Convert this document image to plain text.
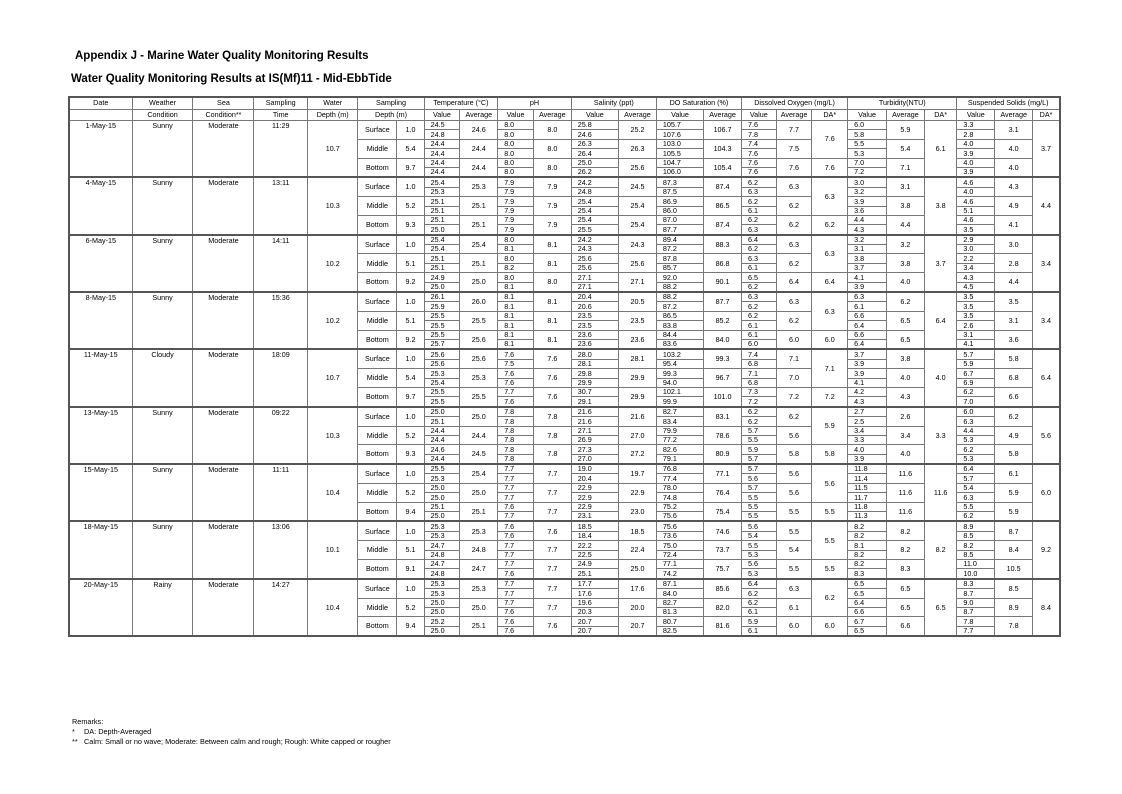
Appendix J - Marine Water Quality Monitoring Results
Water Quality Monitoring Results at IS(Mf)11 - Mid-EbbTide
Date	Weather	Sea	Sampling	Water	Sampling		Temperature (°C)		pH		Salinity (ppt)		DO Saturation (%)		Dissolved Oxygen (mg/L)			Turbidity(NTU)			Suspended Solids (mg/L)		
	Condition	Condition**	Time	Depth (m)	Depth (m)																		
							Value	Average	Value	Average	Value	Average	Value	Average	Value	Average	DA*	Value	Average	DA*	Value	Average	DA*
1-May-15	Sunny	Moderate	11:29	10.7	Surface	1.0	24.5	24.6	8.0	8.0	25.8	25.2	105.7	106.7	7.6	7.7	7.6	6.0	5.9	6.1	3.3	3.1	3.7
							24.8		8.0		24.6		107.6		7.8			5.8			2.8		
					Middle	5.4	24.4	24.4	8.0	8.0	26.3	26.3	103.0	104.3	7.4	7.5		5.5	5.4		4.0	4.0	
							24.4		8.0		26.4		105.5		7.6			5.3			3.9		
					Bottom	9.7	24.4	24.4	8.0	8.0	25.0	25.6	104.7	105.4	7.6	7.6	7.6	7.0	7.1		4.0	4.0	
							24.4		8.0		26.2		106.0		7.6			7.2			3.9		
4-May-15	Sunny	Moderate	13:11	10.3	Surface	1.0	25.4	25.3	7.9	7.9	24.2	24.5	87.3	87.4	6.2	6.3	6.3	3.0	3.1	3.8	4.6	4.3	4.4
							25.3		7.9		24.8		87.5		6.3			3.2			4.0		
					Middle	5.2	25.1	25.1	7.9	7.9	25.4	25.4	86.9	86.5	6.2	6.2		3.9	3.8		4.6	4.9	
							25.1		7.9		25.4		86.0		6.1			3.6			5.1		
					Bottom	9.3	25.1	25.1	7.9	7.9	25.4	25.4	87.0	87.4	6.2	6.2	6.2	4.4	4.4		4.6	4.1	
							25.0		7.9		25.5		87.7		6.3			4.3			3.5		
6-May-15	Sunny	Moderate	14:11	10.2	Surface	1.0	25.4	25.4	8.0	8.1	24.2	24.3	89.4	88.3	6.4	6.3	6.3	3.2	3.2	3.7	2.9	3.0	3.4
							25.4		8.1		24.3		87.2		6.2			3.1			3.0		
					Middle	5.1	25.1	25.1	8.0	8.1	25.6	25.6	87.8	86.8	6.3	6.2		3.8	3.8		2.2	2.8	
							25.1		8.2		25.6		85.7		6.1			3.7			3.4		
					Bottom	9.2	24.9	25.0	8.0	8.0	27.1	27.1	92.0	90.1	6.5	6.4	6.4	4.1	4.0		4.3	4.4	
							25.0		8.1		27.1		88.2		6.2			3.9			4.5		
8-May-15	Sunny	Moderate	15:36	10.2	Surface	1.0	26.1	26.0	8.1	8.1	20.4	20.5	88.2	87.7	6.3	6.3	6.3	6.3	6.2	6.4	3.5	3.5	3.4
							25.9		8.1		20.6		87.2		6.2			6.1			3.5		
					Middle	5.1	25.5	25.5	8.1	8.1	23.5	23.5	86.5	85.2	6.2	6.2		6.6	6.5		3.5	3.1	
							25.5		8.1		23.5		83.8		6.1			6.4			2.6		
					Bottom	9.2	25.5	25.6	8.1	8.1	23.6	23.6	84.4	84.0	6.1	6.0	6.0	6.6	6.5		3.1	3.6	
							25.7		8.1		23.6		83.6		6.0			6.4			4.1		
11-May-15	Cloudy	Moderate	18:09	10.7	Surface	1.0	25.6	25.6	7.6	7.6	28.0	28.1	103.2	99.3	7.4	7.1	7.1	3.7	3.8	4.0	5.7	5.8	6.4
							25.6		7.5		28.1		95.4		6.8			3.9			5.9		
					Middle	5.4	25.3	25.3	7.6	7.6	29.8	29.9	99.3	96.7	7.1	7.0		3.9	4.0		6.7	6.8	
							25.4		7.6		29.9		94.0		6.8			4.1			6.9		
					Bottom	9.7	25.5	25.5	7.7	7.6	30.7	29.9	102.1	101.0	7.3	7.2	7.2	4.2	4.3		6.2	6.6	
							25.5		7.6		29.1		99.9		7.2			4.3			7.0		
13-May-15	Sunny	Moderate	09:22	10.3	Surface	1.0	25.0	25.0	7.8	7.8	21.6	21.6	82.7	83.1	6.2	6.2	5.9	2.7	2.6	3.3	6.0	6.2	5.6
							25.1		7.8		21.6		83.4		6.2			2.5			6.3		
					Middle	5.2	24.4	24.4	7.8	7.8	27.1	27.0	79.9	78.6	5.7	5.6		3.4	3.4		4.4	4.9	
							24.4		7.8		26.9		77.2		5.5			3.3			5.3		
					Bottom	9.3	24.6	24.5	7.8	7.8	27.3	27.2	82.6	80.9	5.9	5.8	5.8	4.0	4.0		6.2	5.8	
							24.4		7.8		27.0		79.1		5.7			3.9			5.3		
15-May-15	Sunny	Moderate	11:11	10.4	Surface	1.0	25.5	25.4	7.7	7.7	19.0	19.7	76.8	77.1	5.7	5.6	5.6	11.8	11.6	11.6	6.4	6.1	6.0
							25.3		7.7		20.4		77.4		5.6			11.4			5.7		
					Middle	5.2	25.0	25.0	7.7	7.7	22.9	22.9	78.0	76.4	5.7	5.6		11.5	11.6		5.4	5.9	
							25.0		7.7		22.9		74.8		5.5			11.7			6.3		
					Bottom	9.4	25.1	25.1	7.6	7.7	22.9	23.0	75.2	75.4	5.5	5.5	5.5	11.8	11.6		5.5	5.9	
							25.0		7.7		23.1		75.6		5.5			11.3			6.2		
18-May-15	Sunny	Moderate	13:06	10.1	Surface	1.0	25.3	25.3	7.6	7.6	18.5	18.5	75.6	74.6	5.6	5.5	5.5	8.2	8.2	8.2	8.9	8.7	9.2
							25.3		7.6		18.4		73.6		5.4			8.2			8.5		
					Middle	5.1	24.7	24.8	7.7	7.7	22.2	22.4	75.0	73.7	5.5	5.4		8.1	8.2		8.2	8.4	
							24.8		7.7		22.5		72.4		5.3			8.2			8.5		
					Bottom	9.1	24.7	24.7	7.7	7.7	24.9	25.0	77.1	75.7	5.6	5.5	5.5	8.2	8.3		11.0	10.5	
							24.8		7.6		25.1		74.2		5.3			8.3			10.0		
20-May-15	Rainy	Moderate	14:27	10.4	Surface	1.0	25.3	25.3	7.7	7.7	17.7	17.6	87.1	85.6	6.4	6.3	6.2	6.5	6.5	6.5	8.3	8.5	8.4
							25.3		7.7		17.6		84.0		6.2			6.5			8.7		
					Middle	5.2	25.0	25.0	7.7	7.7	19.6	20.0	82.7	82.0	6.2	6.1		6.4	6.5		9.0	8.9	
							25.0		7.6		20.3		81.3		6.1			6.6			8.7		
					Bottom	9.4	25.2	25.1	7.6	7.6	20.7	20.7	80.7	81.6	5.9	6.0	6.0	6.7	6.6		7.8	7.8	
							25.0		7.6		20.7		82.5		6.1			6.5			7.7		
Remarks:
* DA: Depth-Averaged
** Calm: Small or no wave; Moderate: Between calm and rough; Rough: White capped or rougher
